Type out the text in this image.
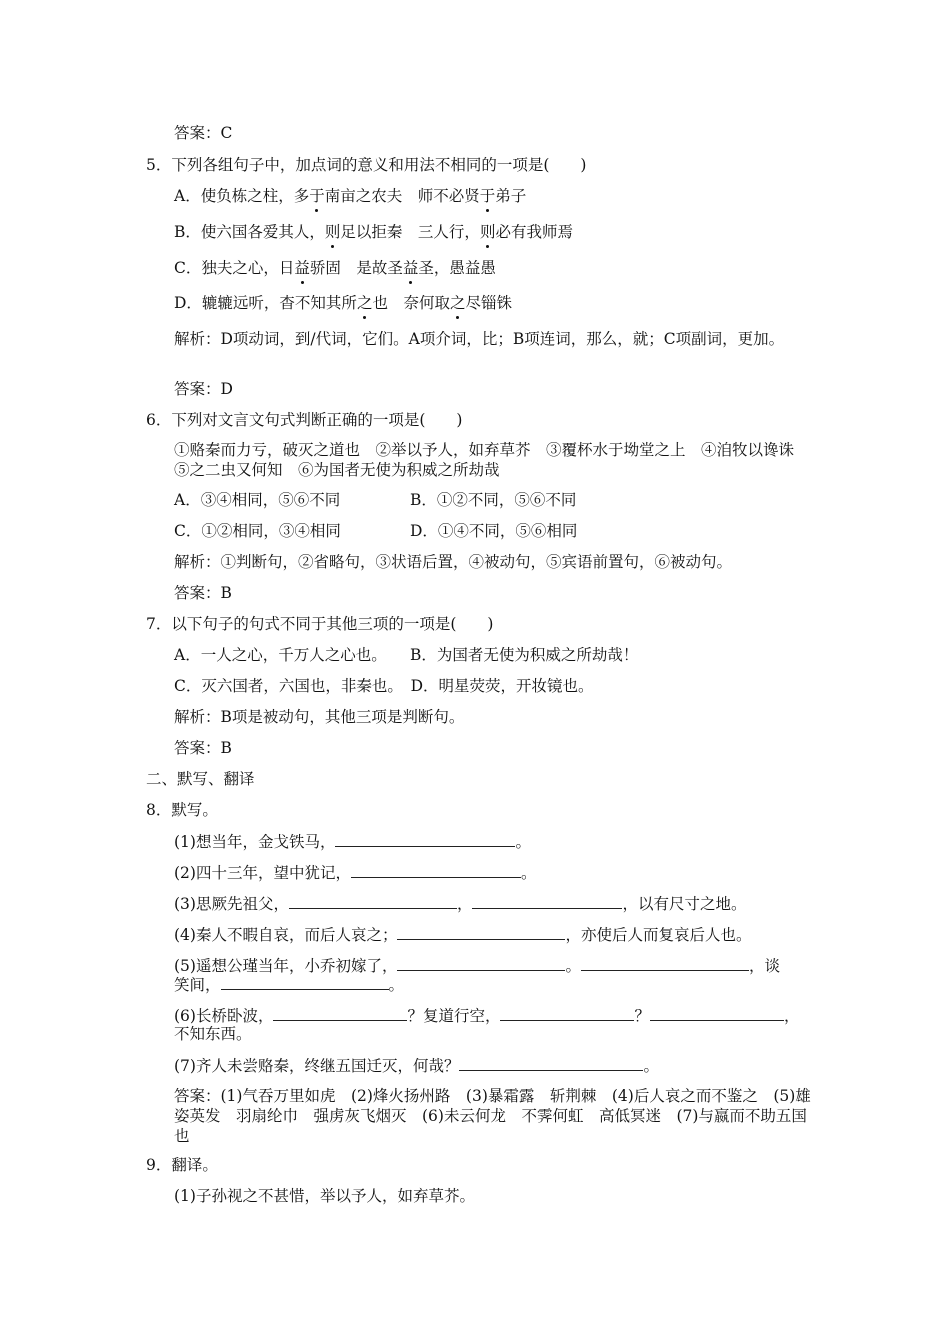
答案：C
5．下列各组句子中，加点词的意义和用法不相同的一项是(　　)
A．使负栋之柱，多于南亩之农夫　师不必贤于弟子
B．使六国各爱其人，则足以拒秦　三人行，则必有我师焉
C．独夫之心，日益骄固　是故圣益圣，愚益愚
D．辘辘远听，杳不知其所之也　奈何取之尽锱铢
解析：D项动词，到/代词，它们。A项介词，比；B项连词，那么，就；C项副词，更加。
答案：D
6．下列对文言文句式判断正确的一项是(　　)
①赂秦而力亏，破灭之道也　②举以予人，如弃草芥　③覆杯水于坳堂之上　④洎牧以谗诛　⑤之二虫又何知　⑥为国者无使为积威之所劫哉
A．③④相同，⑤⑥不同	B．①②不同，⑤⑥不同
C．①②相同，③④相同	D．①④不同，⑤⑥相同
解析：①判断句，②省略句，③状语后置，④被动句，⑤宾语前置句，⑥被动句。
答案：B
7．以下句子的句式不同于其他三项的一项是(　　)
A．一人之心，千万人之心也。　　B．为国者无使为积威之所劫哉！
C．灭六国者，六国也，非秦也。　D．明星荧荧，开妆镜也。
解析：B项是被动句，其他三项是判断句。
答案：B
二、默写、翻译
8．默写。
(1)想当年，金戈铁马，	。
(2)四十三年，望中犹记，	。
(3)思厥先祖父，	，	，以有尺寸之地。
(4)秦人不暇自哀，而后人哀之；	，亦使后人而复哀后人也。
(5)遥想公瑾当年，小乔初嫁了，	。	，谈
笑间，	。
(6)长桥卧波，	？复道行空，	？	，
不知东西。
(7)齐人未尝赂秦，终继五国迁灭，何哉？	。
答案：(1)气吞万里如虎　(2)烽火扬州路　(3)暴霜露　斩荆棘　(4)后人哀之而不鉴之　(5)雄姿英发　羽扇纶巾　强虏灰飞烟灭　(6)未云何龙　不霁何虹　高低冥迷　(7)与嬴而不助五国也
9．翻译。
(1)子孙视之不甚惜，举以予人，如弃草芥。
